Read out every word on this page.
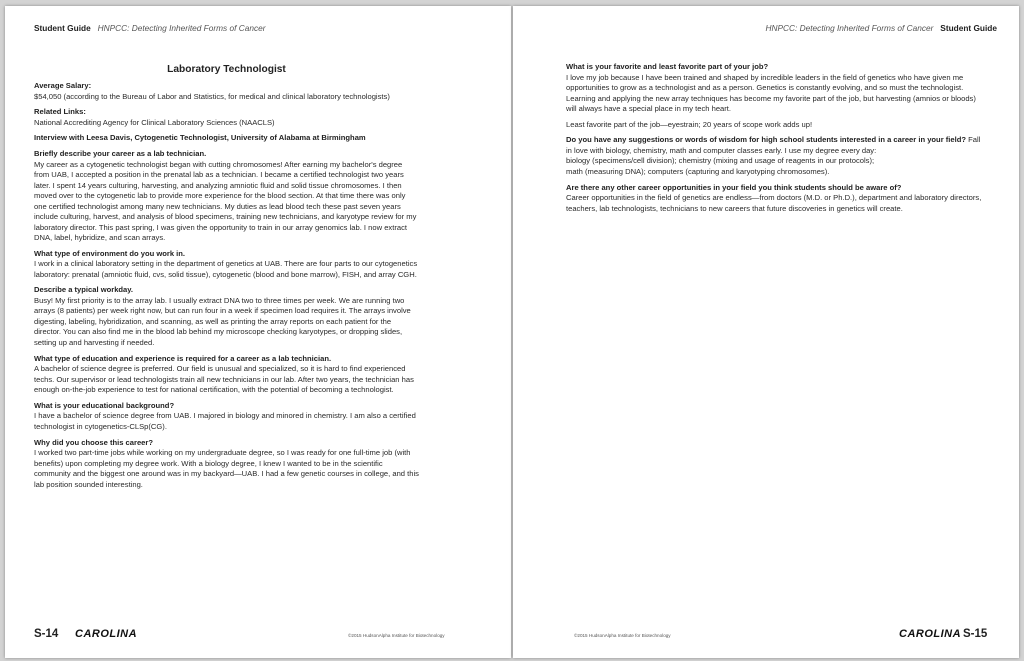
Student Guide HNPCC: Detecting Inherited Forms of Cancer
Laboratory Technologist
Average Salary:
$54,050 (according to the Bureau of Labor and Statistics, for medical and clinical laboratory technologists)
Related Links:
National Accrediting Agency for Clinical Laboratory Sciences (NAACLS)
Interview with Leesa Davis, Cytogenetic Technologist, University of Alabama at Birmingham
Briefly describe your career as a lab technician.
My career as a cytogenetic technologist began with cutting chromosomes! After earning my bachelor's degree from UAB, I accepted a position in the prenatal lab as a technician. I became a certified technologist two years later. I spent 14 years culturing, harvesting, and analyzing amniotic fluid and solid tissue chromosomes. I then moved over to the cytogenetic lab to provide more experience for the blood section. At that time there was only one certified technologist among many new technicians. My duties as lead blood tech these past seven years include culturing, harvest, and analysis of blood specimens, training new technicians, and karyotype review for my laboratory director. This past spring, I was given the opportunity to train in our array genomics lab. I now extract DNA, label, hybridize, and scan arrays.
What type of environment do you work in.
I work in a clinical laboratory setting in the department of genetics at UAB. There are four parts to our cytogenetics laboratory: prenatal (amniotic fluid, cvs, solid tissue), cytogenetic (blood and bone marrow), FISH, and array CGH.
Describe a typical workday.
Busy! My first priority is to the array lab. I usually extract DNA two to three times per week. We are running two arrays (8 patients) per week right now, but can run four in a week if specimen load requires it. The arrays involve digesting, labeling, hybridization, and scanning, as well as printing the array reports on each patient for the director. You can also find me in the blood lab behind my microscope checking karyotypes, or dropping slides, setting up and harvesting if needed.
What type of education and experience is required for a career as a lab technician.
A bachelor of science degree is preferred. Our field is unusual and specialized, so it is hard to find experienced techs. Our supervisor or lead technologists train all new technicians in our lab. After two years, the technician has enough on-the-job experience to test for national certification, with the potential of becoming a technologist.
What is your educational background?
I have a bachelor of science degree from UAB. I majored in biology and minored in chemistry. I am also a certified technologist in cytogenetics-CLSp(CG).
Why did you choose this career?
I worked two part-time jobs while working on my undergraduate degree, so I was ready for one full-time job (with benefits) upon completing my degree work. With a biology degree, I knew I wanted to be in the scientific community and the biggest one around was in my backyard—UAB. I had a few genetic courses in college, and this lab position sounded interesting.
S-14 CAROLINA	©2015 HudsonAlpha Institute for Biotechnology
HNPCC: Detecting Inherited Forms of Cancer Student Guide
What is your favorite and least favorite part of your job?
I love my job because I have been trained and shaped by incredible leaders in the field of genetics who have given me opportunities to grow as a technologist and as a person. Genetics is constantly evolving, and so must the technologist. Learning and applying the new array techniques has become my favorite part of the job, but harvesting (amnios or bloods) will always have a special place in my tech heart.
Least favorite part of the job—eyestrain; 20 years of scope work adds up!
Do you have any suggestions or words of wisdom for high school students interested in a career in your field? Fall in love with biology, chemistry, math and computer classes early. I use my degree every day:
biology (specimens/cell division); chemistry (mixing and usage of reagents in our protocols);
math (measuring DNA); computers (capturing and karyotyping chromosomes).
Are there any other career opportunities in your field you think students should be aware of?
Career opportunities in the field of genetics are endless—from doctors (M.D. or Ph.D.), department and laboratory directors, teachers, lab technologists, technicians to new careers that future discoveries in genetics will create.
©2015 HudsonAlpha Institute for Biotechnology	CAROLINA S-15
